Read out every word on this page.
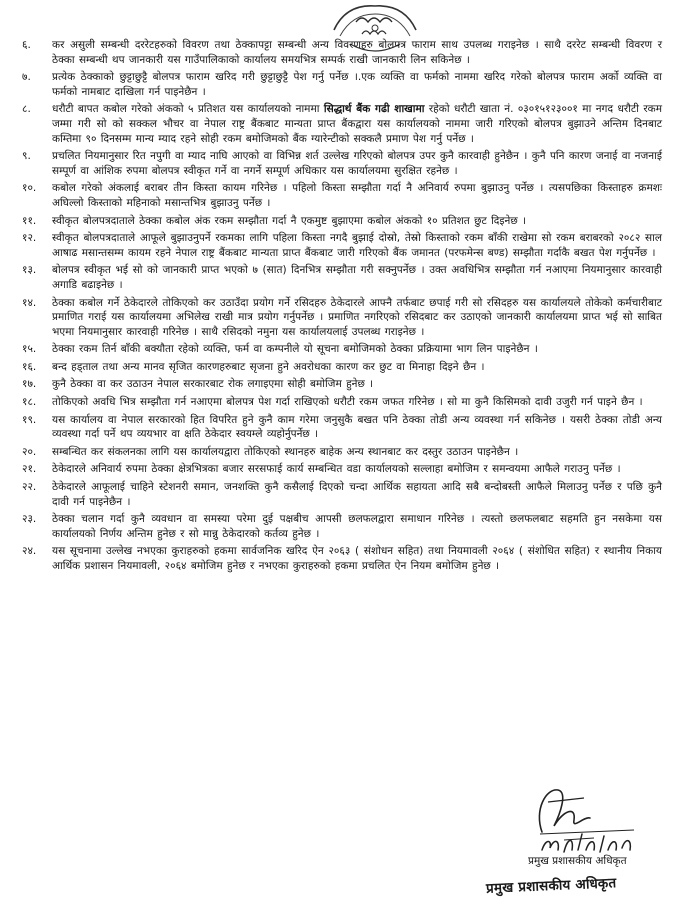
६. कर असुली सम्बन्धी दररेटहरुको विवरण तथा ठेक्कापट्टा सम्बन्धी अन्य विवरणहरु बोलपत्र फाराम साथ उपलब्ध गराइनेछ । साथै दररेट सम्बन्धी विवरण र ठेक्का सम्बन्धी थप जानकारी यस गाउँपालिकाको कार्यालय समयभित्र सम्पर्क राखी जानकारी लिन सकिनेछ ।
७. प्रत्येक ठेक्काको छुट्टाछुट्टै बोलपत्र फाराम खरिद गरी छुट्टाछुट्टै पेश गर्नु पर्नेछ ।.एक व्यक्ति वा फर्मको नाममा खरिद गरेको बोलपत्र फाराम अर्को व्यक्ति वा फर्मको नामबाट दाखिला गर्न पाइनेछैन ।
८. धरौटी बापत कबोल गरेको अंकको ५ प्रतिशत यस कार्यालयको नाममा सिद्धार्थ बैंक गढी शाखामा रहेको धरौटी खाता नं. ०३०१५१२३००१ मा नगद धरौटी रकम जम्मा गरी सो को सक्कल भौचर वा नेपाल राष्ट्र बैंकबाट मान्यता प्राप्त बैंकद्वारा यस कार्यालयको नाममा जारी गरिएको बोलपत्र बुझाउने अन्तिम दिनबाट कम्तिमा ९० दिनसम्म मान्य म्याद रहने सोही रकम बमोजिमको बैंक ग्यारेन्टीको सक्कलै प्रमाण पेश गर्नु पर्नेछ ।
९. प्रचलित नियमानुसार रित नपुगी वा म्याद नाघि आएको वा विभिन्न शर्त उल्लेख गरिएको बोलपत्र उपर कुनै कारवाही हुनेछैन । कुनै पनि कारण जनाई वा नजनाई सम्पूर्ण वा आंशिक रुपमा बोलपत्र स्वीकृत गर्ने वा नगर्ने सम्पूर्ण अधिकार यस कार्यालयमा सुरक्षित रहनेछ ।
१०. कबोल गरेको अंकलाई बराबर तीन किस्ता कायम गरिनेछ । पहिलो किस्ता सम्झौता गर्दा नै अनिवार्य रुपमा बुझाउनु पर्नेछ । त्यसपछिका किस्ताहरु क्रमशः अघिल्लो किस्ताको महिनाको मसान्तभित्र बुझाउनु पर्नेछ ।
११. स्वीकृत बोलपत्रदाताले ठेक्का कबोल अंक रकम सम्झौता गर्दा नै एकमुष्ट बुझाएमा कबोल अंकको १० प्रतिशत छुट दिइनेछ ।
१२. स्वीकृत बोलपत्रदाताले आफूले बुझाउनुपर्ने रकमका लागि पहिला किस्ता नगदै बुझाई दोस्रो, तेस्रो किस्ताको रकम बाँकी राखेमा सो रकम बराबरको २०८२ साल आषाढ मसान्तसम्म कायम रहने नेपाल राष्ट्र बैंकबाट मान्यता प्राप्त बैंकबाट जारी गरिएको बैंक जमानत (परफमेन्स बण्ड) सम्झौता गर्दाकै बखत पेश गर्नुपर्नेछ ।
१३. बोलपत्र स्वीकृत भई सो को जानकारी प्राप्त भएको ७ (सात) दिनभित्र सम्झौता गरी सक्नुपर्नेछ । उक्त अवधिभित्र सम्झौता गर्न नआएमा नियमानुसार कारवाही अगाडि बढाइनेछ ।
१४. ठेक्का कबोल गर्ने ठेकेदारले तोकिएको कर उठाउँदा प्रयोग गर्ने रसिदहरु ठेकेदारले आफ्नै तर्फबाट छपाई गरी सो रसिदहरु यस कार्यालयले तोकेको कर्मचारीबाट प्रमाणित गराई यस कार्यालयमा अभिलेख राखी मात्र प्रयोग गर्नुपर्नेछ । प्रमाणित नगरिएको रसिदबाट कर उठाएको जानकारी कार्यालयमा प्राप्त भई सो साबित भएमा नियमानुसार कारवाही गरिनेछ । साथै रसिदको नमुना यस कार्यालयलाई उपलब्ध गराइनेछ ।
१५. ठेक्का रकम तिर्न बाँकी बक्यौता रहेको व्यक्ति, फर्म वा कम्पनीले यो सूचना बमोजिमको ठेक्का प्रक्रियामा भाग लिन पाइनेछैन ।
१६. बन्द हड्ताल तथा अन्य मानव सृजित कारणहरुबाट सृजना हुने अवरोधका कारण कर छुट वा मिनाहा दिइने छैन ।
१७. कुनै ठेक्का वा कर उठाउन नेपाल सरकारबाट रोक लगाइएमा सोही बमोजिम हुनेछ ।
१८. तोकिएको अवधि भित्र सम्झौता गर्न नआएमा बोलपत्र पेश गर्दा राखिएको धरौटी रकम जफत गरिनेछ । सो मा कुनै किसिमको दावी उजुरी गर्न पाइने छैन ।
१९. यस कार्यालय वा नेपाल सरकारको हित विपरित हुने कुनै काम गरेमा जनुसुकै बखत पनि ठेक्का तोडी अन्य व्यवस्था गर्न सकिनेछ । यसरी ठेक्का तोडी अन्य व्यवस्था गर्दा पर्ने थप व्ययभार वा क्षति ठेकेदार स्वयम्ले व्यहोर्नुपर्नेछ ।
२०. सम्बन्धित कर संकलनका लागि यस कार्यालयद्वारा तोकिएको स्थानहरु बाहेक अन्य स्थानबाट कर दस्तुर उठाउन पाइनेछैन ।
२१. ठेकेदारले अनिवार्य रुपमा ठेक्का क्षेत्रभित्रका बजार सरसफाई कार्य सम्बन्धित वडा कार्यालयको सल्लाहा बमोजिम र समन्वयमा आफैले गराउनु पर्नेछ ।
२२. ठेकेदारले आफूलाई चाहिने स्टेशनरी समान, जनशक्ति कुनै कसैलाई दिएको चन्दा आर्थिक सहायता आदि सबै बन्दोबस्ती आफैले मिलाउनु पर्नेछ र पछि कुनै दावी गर्न पाइनेछैन ।
२३. ठेक्का चलान गर्दा कुनै व्यवधान वा समस्या परेमा दुई पक्षबीच आपसी छलफलद्वारा समाधान गरिनेछ । त्यस्तो छलफलबाट सहमति हुन नसकेमा यस कार्यालयको निर्णय अन्तिम हुनेछ र सो मान्नु ठेकेदारको कर्तव्य हुनेछ ।
२४. यस सूचनामा उल्लेख नभएका कुराहरुको हकमा सार्वजनिक खरिद ऐन २०६३ ( संशोधन सहित) तथा नियमावली २०६४ ( संशोधित सहित) र स्थानीय निकाय आर्थिक प्रशासन नियमावली, २०६४ बमोजिम हुनेछ र नभएका कुराहरुको हकमा प्रचलित ऐन नियम बमोजिम हुनेछ ।
प्रमुख प्रशासकीय अधिकृत
प्रमुख प्रशासकीय अधिकृत
